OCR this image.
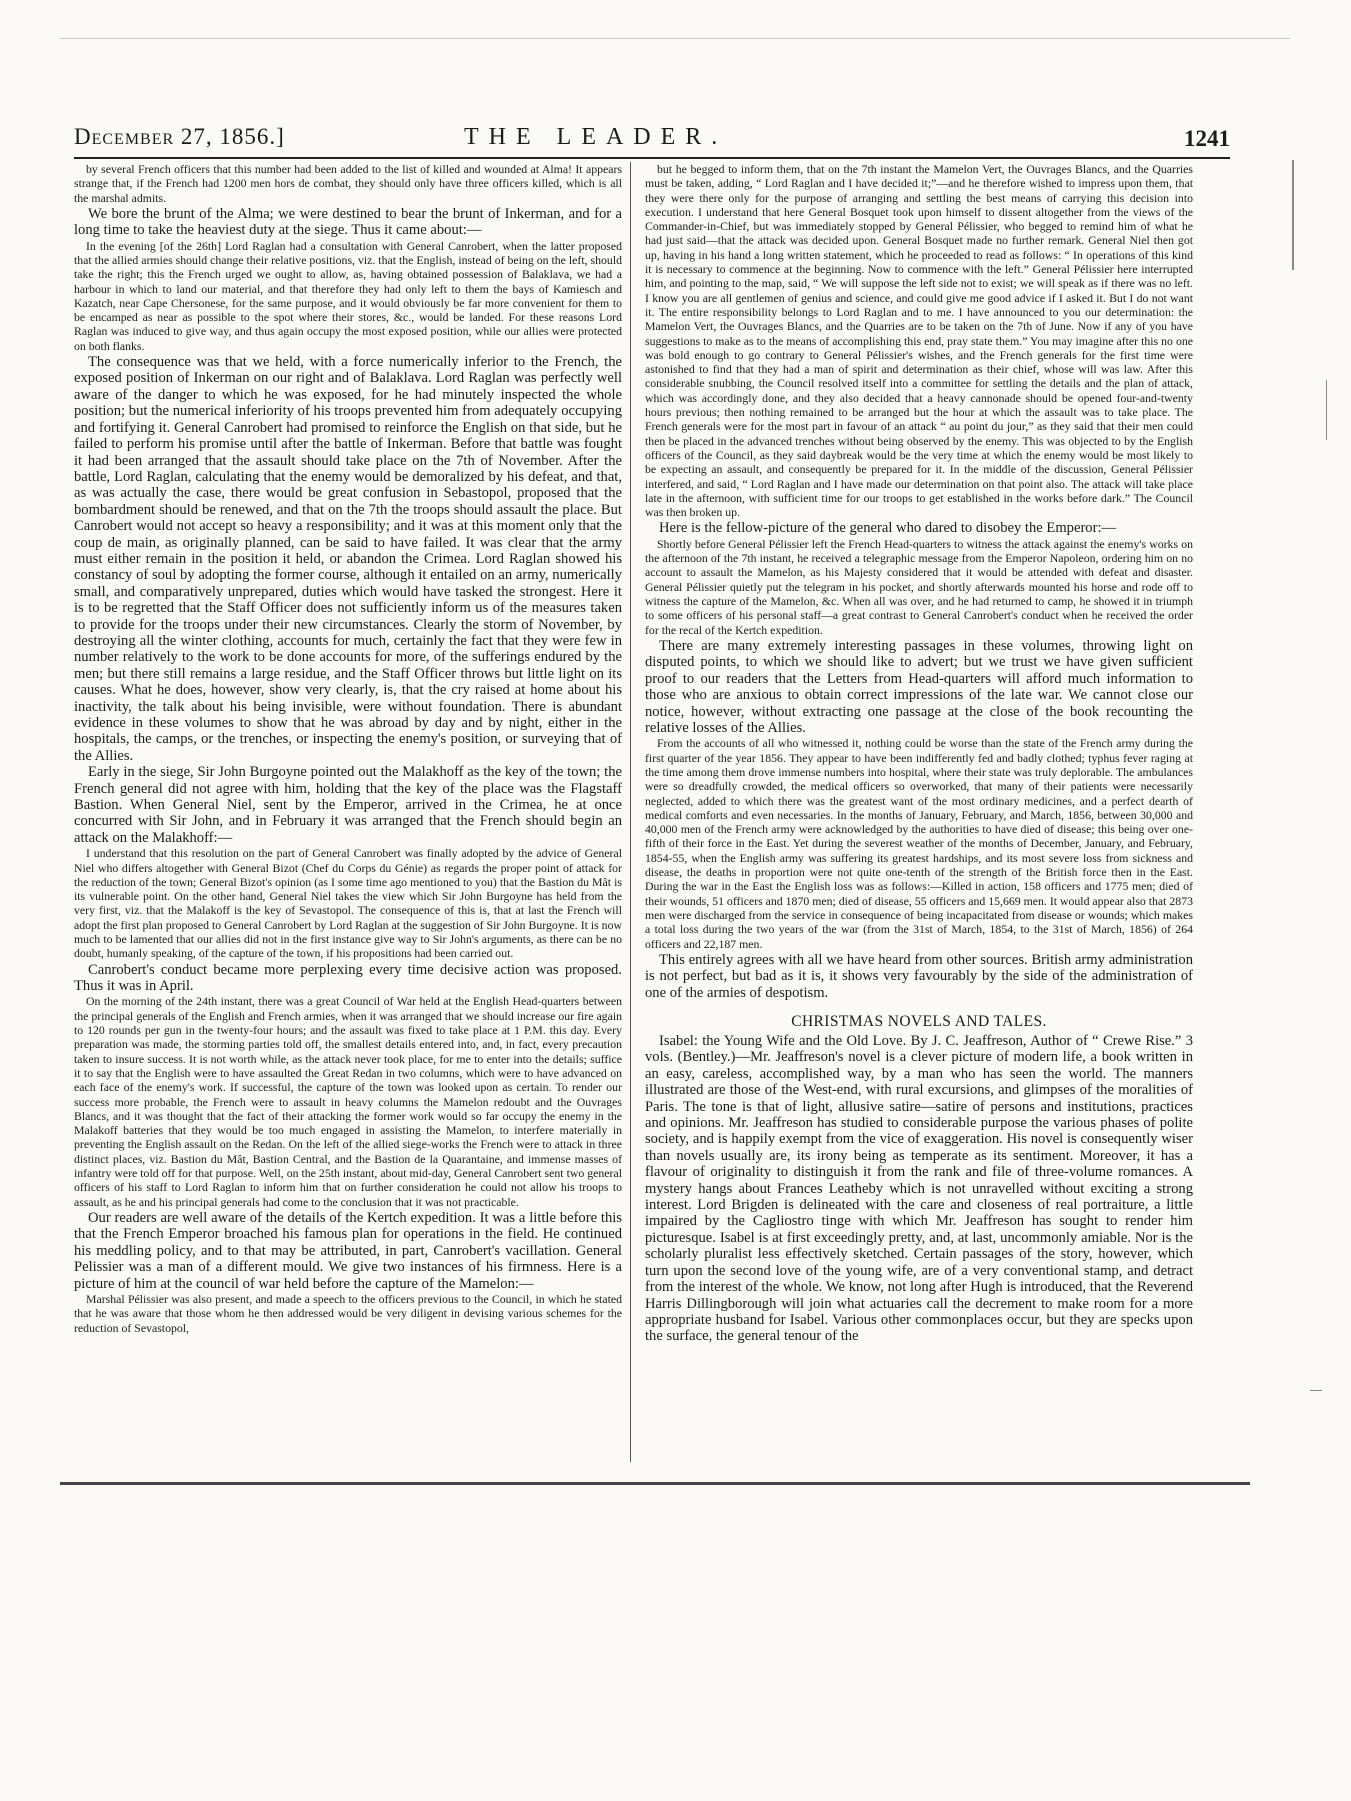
December 27, 1856.]	THE LEADER.	1241

by several French officers that this number had been added to the list of killed and wounded at Alma! It appears strange that, if the French had 1200 men hors de combat, they should only have three officers killed, which is all the marshal admits.

We bore the brunt of the Alma; we were destined to bear the brunt of Inkerman, and for a long time to take the heaviest duty at the siege. Thus it came about:—

In the evening [of the 26th] Lord Raglan had a consultation with General Canrobert, when the latter proposed that the allied armies should change their relative positions, viz. that the English, instead of being on the left, should take the right; this the French urged we ought to allow, as, having obtained possession of Balaklava, we had a harbour in which to land our material, and that therefore they had only left to them the bays of Kamiesch and Kazatch, near Cape Chersonese, for the same purpose, and it would obviously be far more convenient for them to be encamped as near as possible to the spot where their stores, &c., would be landed. For these reasons Lord Raglan was induced to give way, and thus again occupy the most exposed position, while our allies were protected on both flanks.

The consequence was that we held, with a force numerically inferior to the French, the exposed position of Inkerman on our right and of Balaklava. Lord Raglan was perfectly well aware of the danger to which he was exposed, for he had minutely inspected the whole position; but the numerical inferiority of his troops prevented him from adequately occupying and fortifying it. General Canrobert had promised to reinforce the English on that side, but he failed to perform his promise until after the battle of Inkerman. Before that battle was fought it had been arranged that the assault should take place on the 7th of November. After the battle, Lord Raglan, calculating that the enemy would be demoralized by his defeat, and that, as was actually the case, there would be great confusion in Sebastopol, proposed that the bombardment should be renewed, and that on the 7th the troops should assault the place. But Canrobert would not accept so heavy a responsibility; and it was at this moment only that the coup de main, as originally planned, can be said to have failed. It was clear that the army must either remain in the position it held, or abandon the Crimea. Lord Raglan showed his constancy of soul by adopting the former course, although it entailed on an army, numerically small, and comparatively unprepared, duties which would have tasked the strongest. Here it is to be regretted that the Staff Officer does not sufficiently inform us of the measures taken to provide for the troops under their new circumstances. Clearly the storm of November, by destroying all the winter clothing, accounts for much, certainly the fact that they were few in number relatively to the work to be done accounts for more, of the sufferings endured by the men; but there still remains a large residue, and the Staff Officer throws but little light on its causes. What he does, however, show very clearly, is, that the cry raised at home about his inactivity, the talk about his being invisible, were without foundation. There is abundant evidence in these volumes to show that he was abroad by day and by night, either in the hospitals, the camps, or the trenches, or inspecting the enemy's position, or surveying that of the Allies.

Early in the siege, Sir John Burgoyne pointed out the Malakhoff as the key of the town; the French general did not agree with him, holding that the key of the place was the Flagstaff Bastion. When General Niel, sent by the Emperor, arrived in the Crimea, he at once concurred with Sir John, and in February it was arranged that the French should begin an attack on the Malakhoff:—

I understand that this resolution on the part of General Canrobert was finally adopted by the advice of General Niel who differs altogether with General Bizot (Chef du Corps du Génie) as regards the proper point of attack for the reduction of the town; General Bizot's opinion (as I some time ago mentioned to you) that the Bastion du Mât is its vulnerable point. On the other hand, General Niel takes the view which Sir John Burgoyne has held from the very first, viz. that the Malakoff is the key of Sevastopol. The consequence of this is, that at last the French will adopt the first plan proposed to General Canrobert by Lord Raglan at the suggestion of Sir John Burgoyne. It is now much to be lamented that our allies did not in the first instance give way to Sir John's arguments, as there can be no doubt, humanly speaking, of the capture of the town, if his propositions had been carried out.

Canrobert's conduct became more perplexing every time decisive action was proposed. Thus it was in April.

On the morning of the 24th instant, there was a great Council of War held at the English Head-quarters between the principal generals of the English and French armies, when it was arranged that we should increase our fire again to 120 rounds per gun in the twenty-four hours; and the assault was fixed to take place at 1 P.M. this day. Every preparation was made, the storming parties told off, the smallest details entered into, and, in fact, every precaution taken to insure success. It is not worth while, as the attack never took place, for me to enter into the details; suffice it to say that the English were to have assaulted the Great Redan in two columns, which were to have advanced on each face of the enemy's work. If successful, the capture of the town was looked upon as certain. To render our success more probable, the French were to assault in heavy columns the Mamelon redoubt and the Ouvrages Blancs, and it was thought that the fact of their attacking the former work would so far occupy the enemy in the Malakoff batteries that they would be too much engaged in assisting the Mamelon, to interfere materially in preventing the English assault on the Redan. On the left of the allied siege-works the French were to attack in three distinct places, viz. Bastion du Mât, Bastion Central, and the Bastion de la Quarantaine, and immense masses of infantry were told off for that purpose. Well, on the 25th instant, about mid-day, General Canrobert sent two general officers of his staff to Lord Raglan to inform him that on further consideration he could not allow his troops to assault, as he and his principal generals had come to the conclusion that it was not practicable.

Our readers are well aware of the details of the Kertch expedition. It was a little before this that the French Emperor broached his famous plan for operations in the field. He continued his meddling policy, and to that may be attributed, in part, Canrobert's vacillation. General Pelissier was a man of a different mould. We give two instances of his firmness. Here is a picture of him at the council of war held before the capture of the Mamelon:—

Marshal Pélissier was also present, and made a speech to the officers previous to the Council, in which he stated that he was aware that those whom he then addressed would be very diligent in devising various schemes for the reduction of Sevastopol,

but he begged to inform them, that on the 7th instant the Mamelon Vert, the Ouvrages Blancs, and the Quarries must be taken, adding, “ Lord Raglan and I have decided it;”—and he therefore wished to impress upon them, that they were there only for the purpose of arranging and settling the best means of carrying this decision into execution. I understand that here General Bosquet took upon himself to dissent altogether from the views of the Commander-in-Chief, but was immediately stopped by General Pélissier, who begged to remind him of what he had just said—that the attack was decided upon. General Bosquet made no further remark. General Niel then got up, having in his hand a long written statement, which he proceeded to read as follows: “ In operations of this kind it is necessary to commence at the beginning. Now to commence with the left.” General Pélissier here interrupted him, and pointing to the map, said, “ We will suppose the left side not to exist; we will speak as if there was no left. I know you are all gentlemen of genius and science, and could give me good advice if I asked it. But I do not want it. The entire responsibility belongs to Lord Raglan and to me. I have announced to you our determination: the Mamelon Vert, the Ouvrages Blancs, and the Quarries are to be taken on the 7th of June. Now if any of you have suggestions to make as to the means of accomplishing this end, pray state them.” You may imagine after this no one was bold enough to go contrary to General Pélissier's wishes, and the French generals for the first time were astonished to find that they had a man of spirit and determination as their chief, whose will was law. After this considerable snubbing, the Council resolved itself into a committee for settling the details and the plan of attack, which was accordingly done, and they also decided that a heavy cannonade should be opened four-and-twenty hours previous; then nothing remained to be arranged but the hour at which the assault was to take place. The French generals were for the most part in favour of an attack “ au point du jour,” as they said that their men could then be placed in the advanced trenches without being observed by the enemy. This was objected to by the English officers of the Council, as they said daybreak would be the very time at which the enemy would be most likely to be expecting an assault, and consequently be prepared for it. In the middle of the discussion, General Pélissier interfered, and said, “ Lord Raglan and I have made our determination on that point also. The attack will take place late in the afternoon, with sufficient time for our troops to get established in the works before dark.” The Council was then broken up.

Here is the fellow-picture of the general who dared to disobey the Emperor:—

Shortly before General Pélissier left the French Head-quarters to witness the attack against the enemy's works on the afternoon of the 7th instant, he received a telegraphic message from the Emperor Napoleon, ordering him on no account to assault the Mamelon, as his Majesty considered that it would be attended with defeat and disaster. General Pélissier quietly put the telegram in his pocket, and shortly afterwards mounted his horse and rode off to witness the capture of the Mamelon, &c. When all was over, and he had returned to camp, he showed it in triumph to some officers of his personal staff—a great contrast to General Canrobert's conduct when he received the order for the recal of the Kertch expedition.

There are many extremely interesting passages in these volumes, throwing light on disputed points, to which we should like to advert; but we trust we have given sufficient proof to our readers that the Letters from Head-quarters will afford much information to those who are anxious to obtain correct impressions of the late war. We cannot close our notice, however, without extracting one passage at the close of the book recounting the relative losses of the Allies.

From the accounts of all who witnessed it, nothing could be worse than the state of the French army during the first quarter of the year 1856. They appear to have been indifferently fed and badly clothed; typhus fever raging at the time among them drove immense numbers into hospital, where their state was truly deplorable. The ambulances were so dreadfully crowded, the medical officers so overworked, that many of their patients were necessarily neglected, added to which there was the greatest want of the most ordinary medicines, and a perfect dearth of medical comforts and even necessaries. In the months of January, February, and March, 1856, between 30,000 and 40,000 men of the French army were acknowledged by the authorities to have died of disease; this being over one-fifth of their force in the East. Yet during the severest weather of the months of December, January, and February, 1854-55, when the English army was suffering its greatest hardships, and its most severe loss from sickness and disease, the deaths in proportion were not quite one-tenth of the strength of the British force then in the East. During the war in the East the English loss was as follows:—Killed in action, 158 officers and 1775 men; died of their wounds, 51 officers and 1870 men; died of disease, 55 officers and 15,669 men. It would appear also that 2873 men were discharged from the service in consequence of being incapacitated from disease or wounds; which makes a total loss during the two years of the war (from the 31st of March, 1854, to the 31st of March, 1856) of 264 officers and 22,187 men.

This entirely agrees with all we have heard from other sources. British army administration is not perfect, but bad as it is, it shows very favourably by the side of the administration of one of the armies of despotism.

CHRISTMAS NOVELS AND TALES.

Isabel: the Young Wife and the Old Love. By J. C. Jeaffreson, Author of “ Crewe Rise.” 3 vols. (Bentley.)—Mr. Jeaffreson's novel is a clever picture of modern life, a book written in an easy, careless, accomplished way, by a man who has seen the world. The manners illustrated are those of the West-end, with rural excursions, and glimpses of the moralities of Paris. The tone is that of light, allusive satire—satire of persons and institutions, practices and opinions. Mr. Jeaffreson has studied to considerable purpose the various phases of polite society, and is happily exempt from the vice of exaggeration. His novel is consequently wiser than novels usually are, its irony being as temperate as its sentiment. Moreover, it has a flavour of originality to distinguish it from the rank and file of three-volume romances. A mystery hangs about Frances Leatheby which is not unravelled without exciting a strong interest. Lord Brigden is delineated with the care and closeness of real portraiture, a little impaired by the Cagliostro tinge with which Mr. Jeaffreson has sought to render him picturesque. Isabel is at first exceedingly pretty, and, at last, uncommonly amiable. Nor is the scholarly pluralist less effectively sketched. Certain passages of the story, however, which turn upon the second love of the young wife, are of a very conventional stamp, and detract from the interest of the whole. We know, not long after Hugh is introduced, that the Reverend Harris Dillingborough will join what actuaries call the decrement to make room for a more appropriate husband for Isabel. Various other commonplaces occur, but they are specks upon the surface, the general tenour of the
